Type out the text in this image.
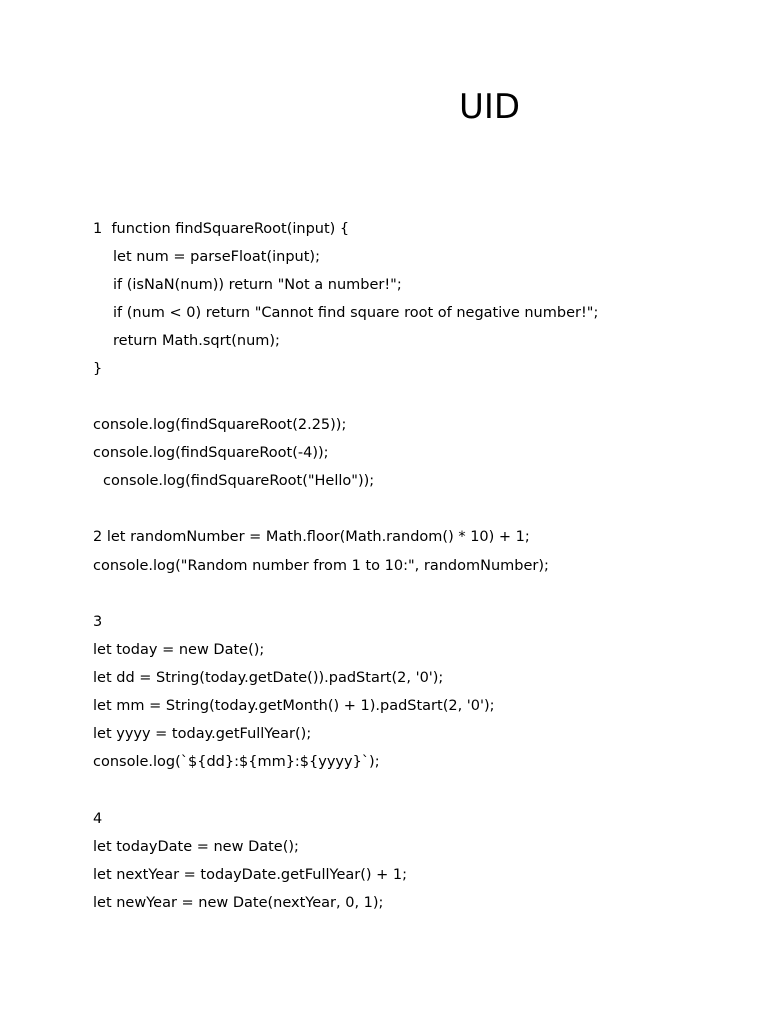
UID
1  function findSquareRoot(input) {
let num = parseFloat(input);
if (isNaN(num)) return "Not a number!";
if (num < 0) return "Cannot find square root of negative number!";
return Math.sqrt(num);
}
console.log(findSquareRoot(2.25));
console.log(findSquareRoot(-4));
console.log(findSquareRoot("Hello"));
2 let randomNumber = Math.floor(Math.random() * 10) + 1;
console.log("Random number from 1 to 10:", randomNumber);
3
let today = new Date();
let dd = String(today.getDate()).padStart(2, '0');
let mm = String(today.getMonth() + 1).padStart(2, '0');
let yyyy = today.getFullYear();
console.log(`${dd}:${mm}:${yyyy}`);
4
let todayDate = new Date();
let nextYear = todayDate.getFullYear() + 1;
let newYear = new Date(nextYear, 0, 1);
